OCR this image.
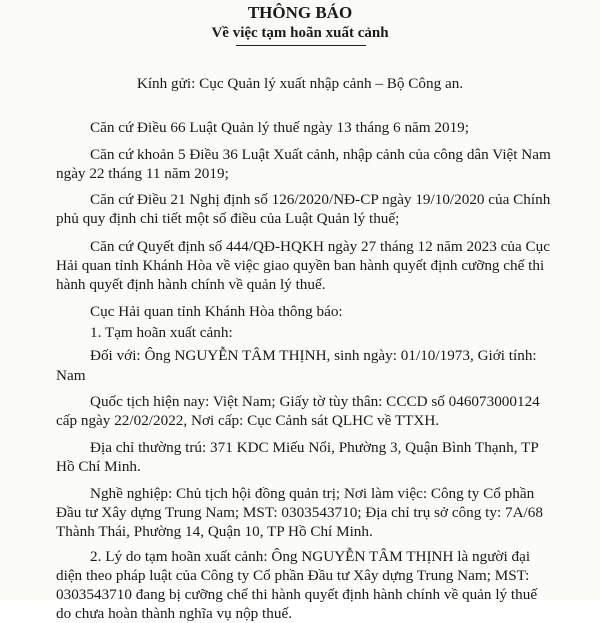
THÔNG BÁO
Về việc tạm hoãn xuất cảnh
Kính gửi: Cục Quản lý xuất nhập cảnh – Bộ Công an.
Căn cứ Điều 66 Luật Quản lý thuế ngày 13 tháng 6 năm 2019;
Căn cứ khoản 5 Điều 36 Luật Xuất cảnh, nhập cảnh của công dân Việt Nam
ngày 22 tháng 11 năm 2019;
Căn cứ Điều 21 Nghị định số 126/2020/NĐ-CP ngày 19/10/2020 của Chính
phủ quy định chi tiết một số điều của Luật Quản lý thuế;
Căn cứ Quyết định số 444/QĐ-HQKH ngày 27 tháng 12 năm 2023 của Cục
Hải quan tỉnh Khánh Hòa về việc giao quyền ban hành quyết định cưỡng chế thi
hành quyết định hành chính về quản lý thuế.
Cục Hải quan tỉnh Khánh Hòa thông báo:
1. Tạm hoãn xuất cảnh:
Đối với: Ông NGUYỄN TÂM THỊNH, sinh ngày: 01/10/1973, Giới tính:
Nam
Quốc tịch hiện nay: Việt Nam; Giấy tờ tùy thân: CCCD số 046073000124
cấp ngày 22/02/2022, Nơi cấp: Cục Cảnh sát QLHC về TTXH.
Địa chỉ thường trú: 371 KDC Miếu Nổi, Phường 3, Quận Bình Thạnh, TP
Hồ Chí Minh.
Nghề nghiệp: Chủ tịch hội đồng quản trị; Nơi làm việc: Công ty Cổ phần
Đầu tư Xây dựng Trung Nam; MST: 0303543710; Địa chỉ trụ sở công ty: 7A/68
Thành Thái, Phường 14, Quận 10, TP Hồ Chí Minh.
2. Lý do tạm hoãn xuất cảnh: Ông NGUYỄN TÂM THỊNH là người đại
diện theo pháp luật của Công ty Cổ phần Đầu tư Xây dựng Trung Nam; MST:
0303543710 đang bị cưỡng chế thi hành quyết định hành chính về quản lý thuế
do chưa hoàn thành nghĩa vụ nộp thuế.
